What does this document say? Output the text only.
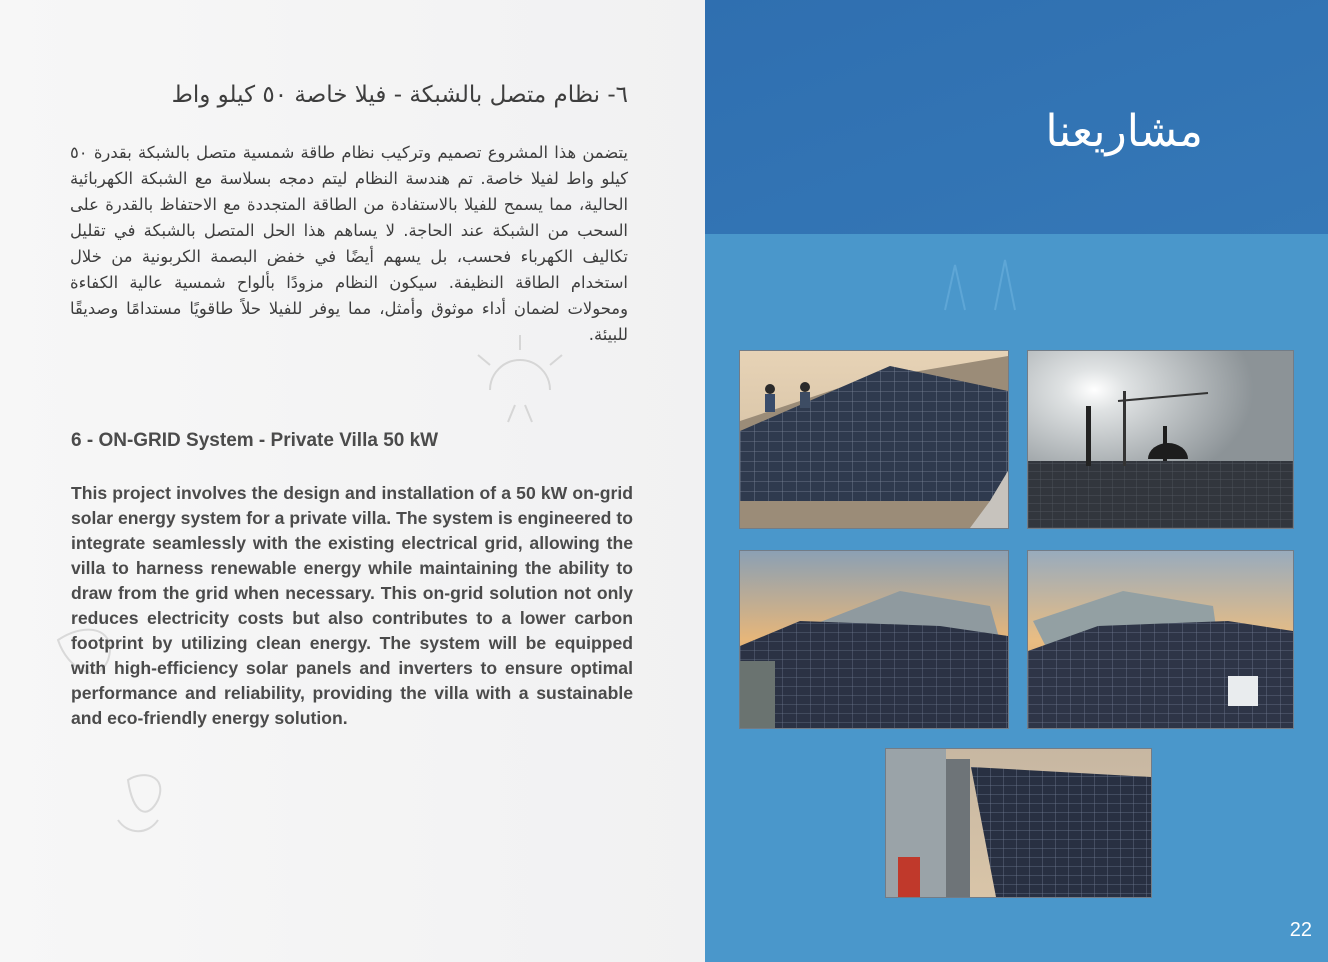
٦- نظام متصل بالشبكة - فيلا خاصة ٥٠ كيلو واط

يتضمن هذا المشروع تصميم وتركيب نظام طاقة شمسية متصل بالشبكة بقدرة ٥٠ كيلو واط لفيلا خاصة. تم هندسة النظام ليتم دمجه بسلاسة مع الشبكة الكهربائية الحالية، مما يسمح للفيلا بالاستفادة من الطاقة المتجددة مع الاحتفاظ بالقدرة على السحب من الشبكة عند الحاجة. لا يساهم هذا الحل المتصل بالشبكة في تقليل تكاليف الكهرباء فحسب، بل يسهم أيضًا في خفض البصمة الكربونية من خلال استخدام الطاقة النظيفة. سيكون النظام مزودًا بألواح شمسية عالية الكفاءة ومحولات لضمان أداء موثوق وأمثل، مما يوفر للفيلا حلاً طاقويًا مستدامًا وصديقًا للبيئة.

6 - ON-GRID System - Private Villa 50 kW

This project involves the design and installation of a 50 kW on-grid solar energy system for a private villa. The system is engineered to integrate seamlessly with the existing electrical grid, allowing the villa to harness renewable energy while maintaining the ability to draw from the grid when necessary. This on-grid solution not only reduces electricity costs but also contributes to a lower carbon footprint by utilizing clean energy. The system will be equipped with high-efficiency solar panels and inverters to ensure optimal performance and reliability, providing the villa with a sustainable and eco-friendly energy solution.

مشاريعنا
22
